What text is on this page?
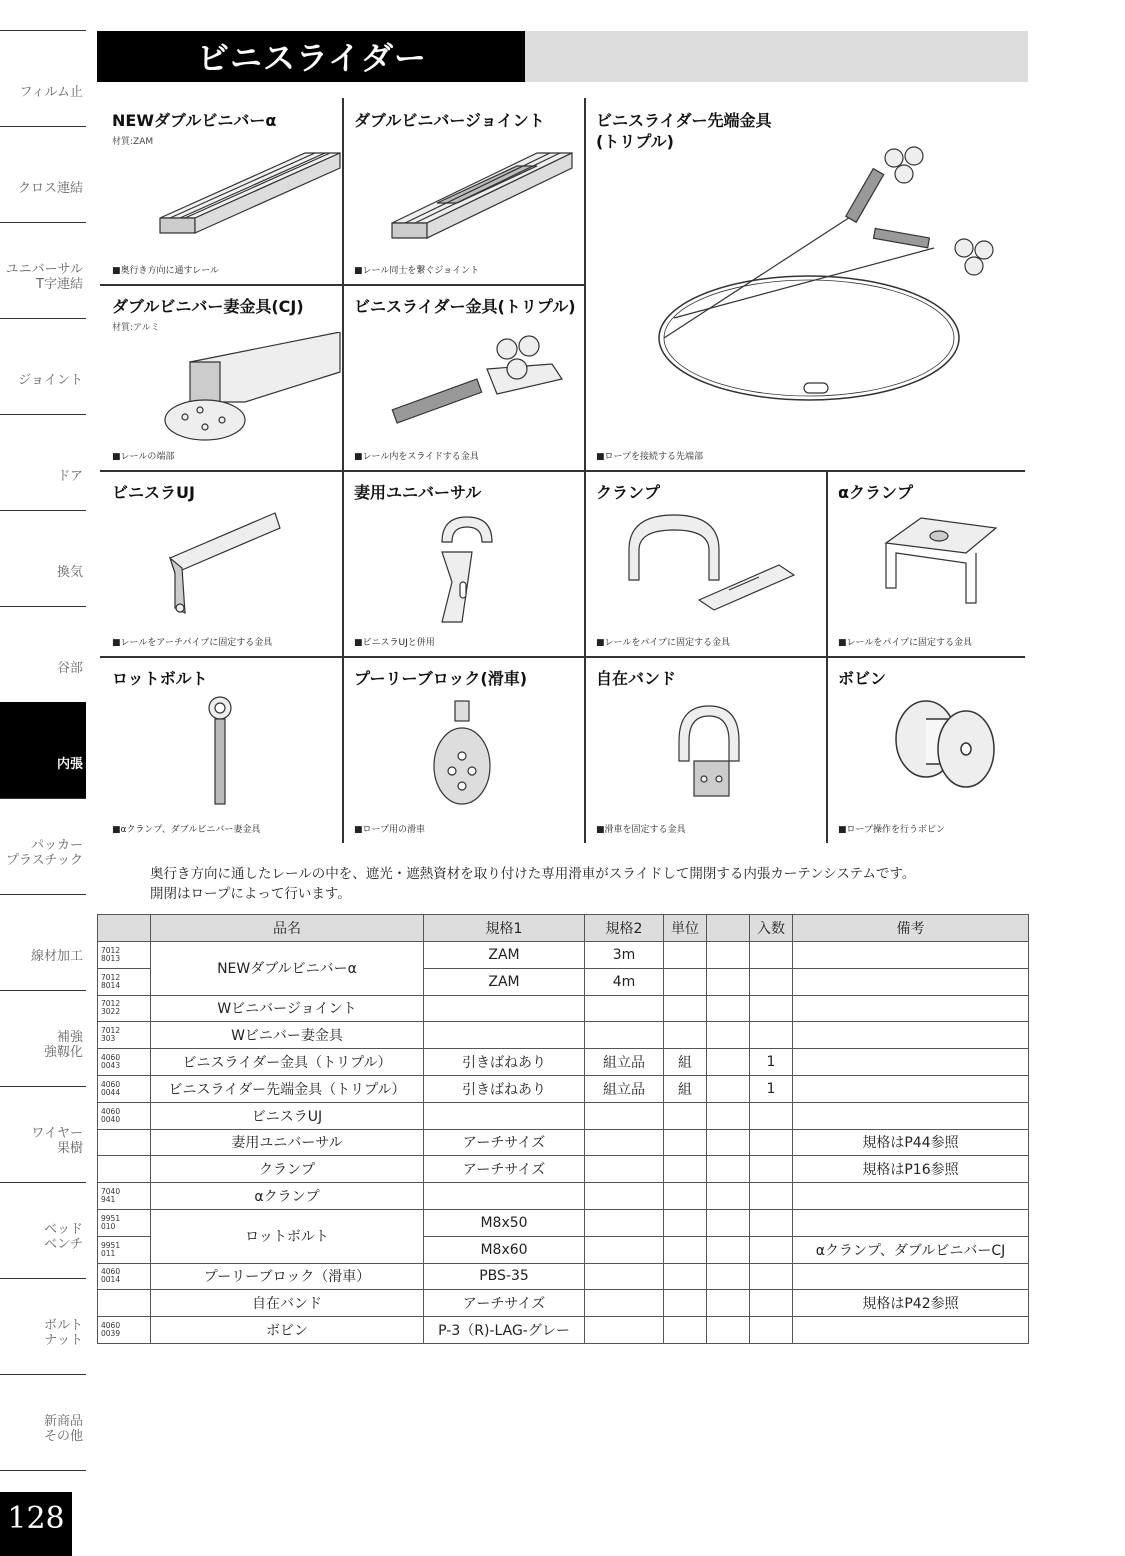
フィルム止
クロス連結
ユニバーサル
T字連結
ジョイント
ドア
換気
谷部
内張
パッカー
プラスチック
線材加工
補強
強靱化
ワイヤー
果樹
ベッド
ベンチ
ボルト
ナット
新商品
その他
128
ビニスライダー
NEWダブルビニバーα
材質:ZAM
■奥行き方向に通すレール
ダブルビニバージョイント
■レール同士を繋ぐジョイント
ビニスライダー先端金具
(トリプル)
■ロープを接続する先端部
ダブルビニバー妻金具(CJ)
材質:アルミ
■レールの端部
ビニスライダー金具(トリプル)
■レール内をスライドする金具
ビニスラUJ
■レールをアーチパイプに固定する金具
妻用ユニバーサル
■ビニスラUJと併用
クランプ
■レールをパイプに固定する金具
αクランプ
■レールをパイプに固定する金具
ロットボルト
■αクランプ、ダブルビニバー妻金具
プーリーブロック(滑車)
■ロープ用の滑車
自在バンド
■滑車を固定する金具
ボビン
■ロープ操作を行うボビン
奥行き方向に通したレールの中を、遮光・遮熱資材を取り付けた専用滑車がスライドして開閉する内張カーテンシステムです。
開閉はロープによって行います。
	品名	規格1	規格2	単位		入数	備考
7012
8013	NEWダブルビニバーα	ZAM	3m				
7012
8014		ZAM	4m				
7012
3022	Wビニバージョイント						
7012
303	Wビニバー妻金具						
4060
0043	ビニスライダー金具（トリプル）	引きばねあり	組立品	組		1	
4060
0044	ビニスライダー先端金具（トリプル）	引きばねあり	組立品	組		1	
4060
0040	ビニスラUJ						
	妻用ユニバーサル	アーチサイズ					規格はP44参照
	クランプ	アーチサイズ					規格はP16参照
7040
941	αクランプ						
9951
010	ロットボルト	M8x50					
9951
011		M8x60					αクランプ、ダブルビニバーCJ
4060
0014	プーリーブロック（滑車）	PBS-35					
	自在バンド	アーチサイズ					規格はP42参照
4060
0039	ボビン	P-3（R)-LAG-グレー					
